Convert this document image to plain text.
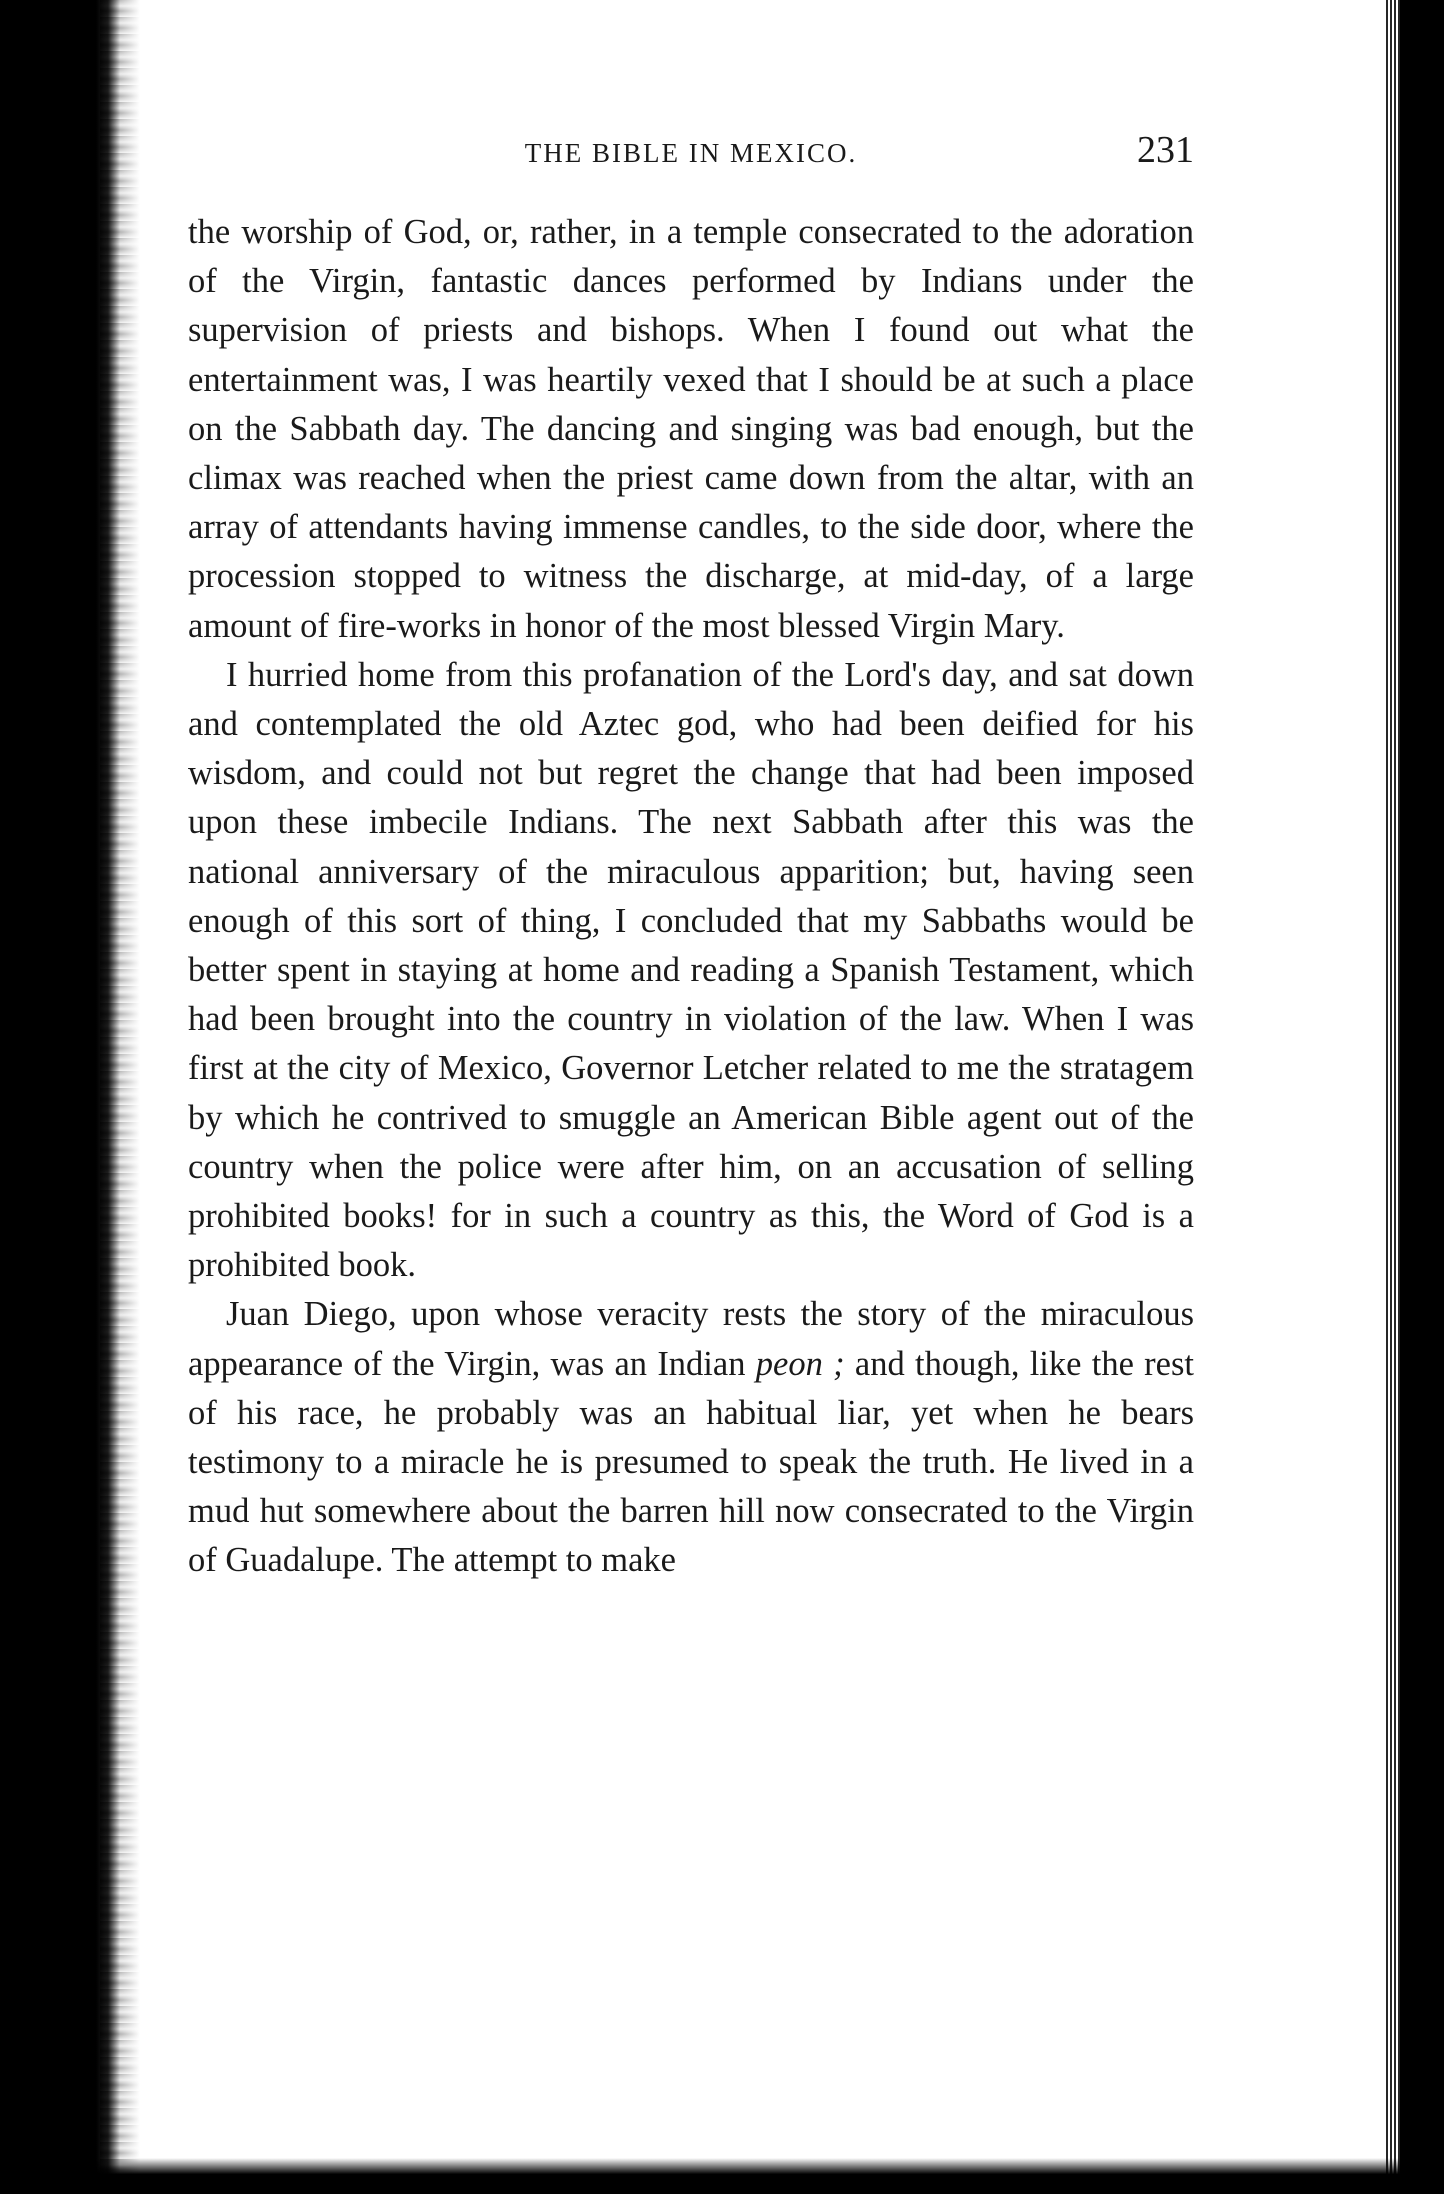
THE BIBLE IN MEXICO.	231

the worship of God, or, rather, in a temple consecrated to the adoration of the Virgin, fantastic dances performed by Indians under the supervision of priests and bishops. When I found out what the entertainment was, I was heartily vexed that I should be at such a place on the Sabbath day. The dancing and singing was bad enough, but the climax was reached when the priest came down from the altar, with an array of attendants having immense candles, to the side door, where the procession stopped to witness the discharge, at mid-day, of a large amount of fire-works in honor of the most blessed Virgin Mary.

I hurried home from this profanation of the Lord's day, and sat down and contemplated the old Aztec god, who had been deified for his wisdom, and could not but regret the change that had been imposed upon these imbecile Indians. The next Sabbath after this was the national anniversary of the miraculous apparition; but, having seen enough of this sort of thing, I concluded that my Sabbaths would be better spent in staying at home and reading a Spanish Testament, which had been brought into the country in violation of the law. When I was first at the city of Mexico, Governor Letcher related to me the stratagem by which he contrived to smuggle an American Bible agent out of the country when the police were after him, on an accusation of selling prohibited books! for in such a country as this, the Word of God is a prohibited book.

Juan Diego, upon whose veracity rests the story of the miraculous appearance of the Virgin, was an Indian peon ; and though, like the rest of his race, he probably was an habitual liar, yet when he bears testimony to a miracle he is presumed to speak the truth. He lived in a mud hut somewhere about the barren hill now consecrated to the Virgin of Guadalupe. The attempt to make
